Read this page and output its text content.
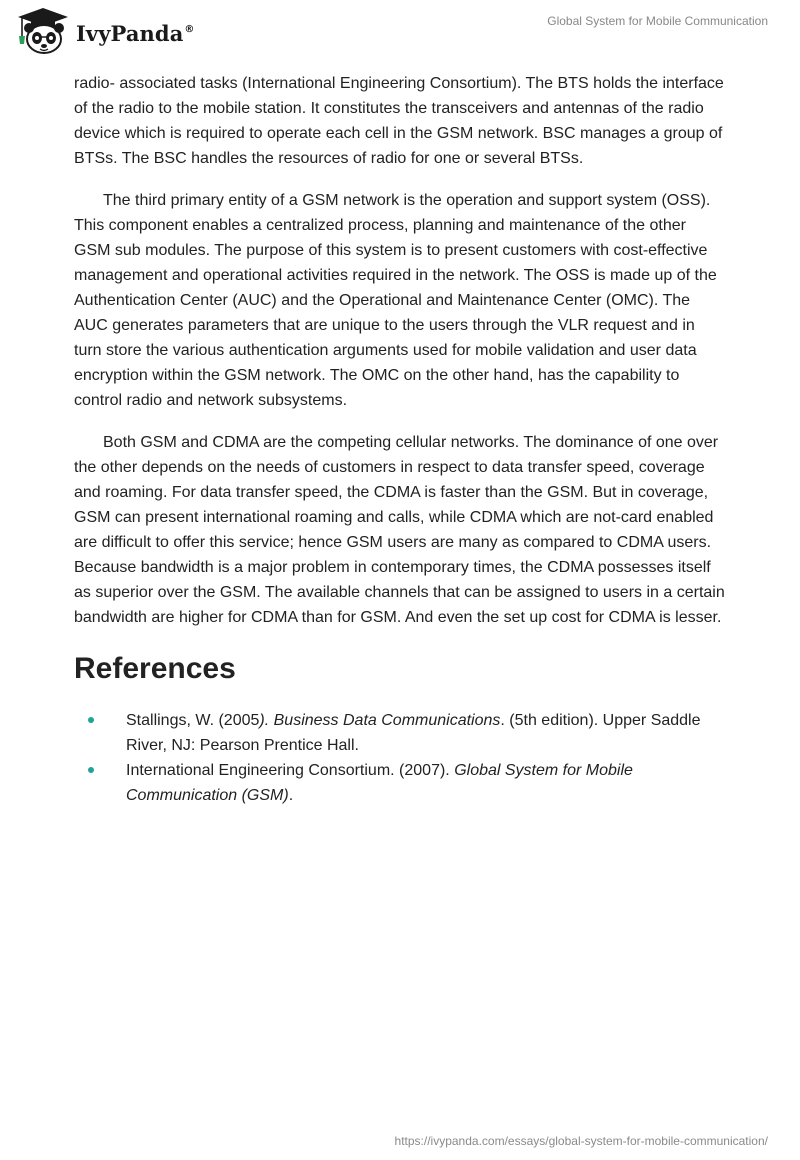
IvyPanda®
Global System for Mobile Communication

radio- associated tasks (International Engineering Consortium). The BTS holds the interface of the radio to the mobile station. It constitutes the transceivers and antennas of the radio device which is required to operate each cell in the GSM network. BSC manages a group of BTSs. The BSC handles the resources of radio for one or several BTSs.

The third primary entity of a GSM network is the operation and support system (OSS). This component enables a centralized process, planning and maintenance of the other GSM sub modules. The purpose of this system is to present customers with cost-effective management and operational activities required in the network. The OSS is made up of the Authentication Center (AUC) and the Operational and Maintenance Center (OMC). The AUC generates parameters that are unique to the users through the VLR request and in turn store the various authentication arguments used for mobile validation and user data encryption within the GSM network. The OMC on the other hand, has the capability to control radio and network subsystems.

Both GSM and CDMA are the competing cellular networks. The dominance of one over the other depends on the needs of customers in respect to data transfer speed, coverage and roaming. For data transfer speed, the CDMA is faster than the GSM. But in coverage, GSM can present international roaming and calls, while CDMA which are not-card enabled are difficult to offer this service; hence GSM users are many as compared to CDMA users. Because bandwidth is a major problem in contemporary times, the CDMA possesses itself as superior over the GSM. The available channels that can be assigned to users in a certain bandwidth are higher for CDMA than for GSM. And even the set up cost for CDMA is lesser.

References
Stallings, W. (2005). Business Data Communications. (5th edition). Upper Saddle River, NJ: Pearson Prentice Hall.
International Engineering Consortium. (2007). Global System for Mobile Communication (GSM).
https://ivypanda.com/essays/global-system-for-mobile-communication/
